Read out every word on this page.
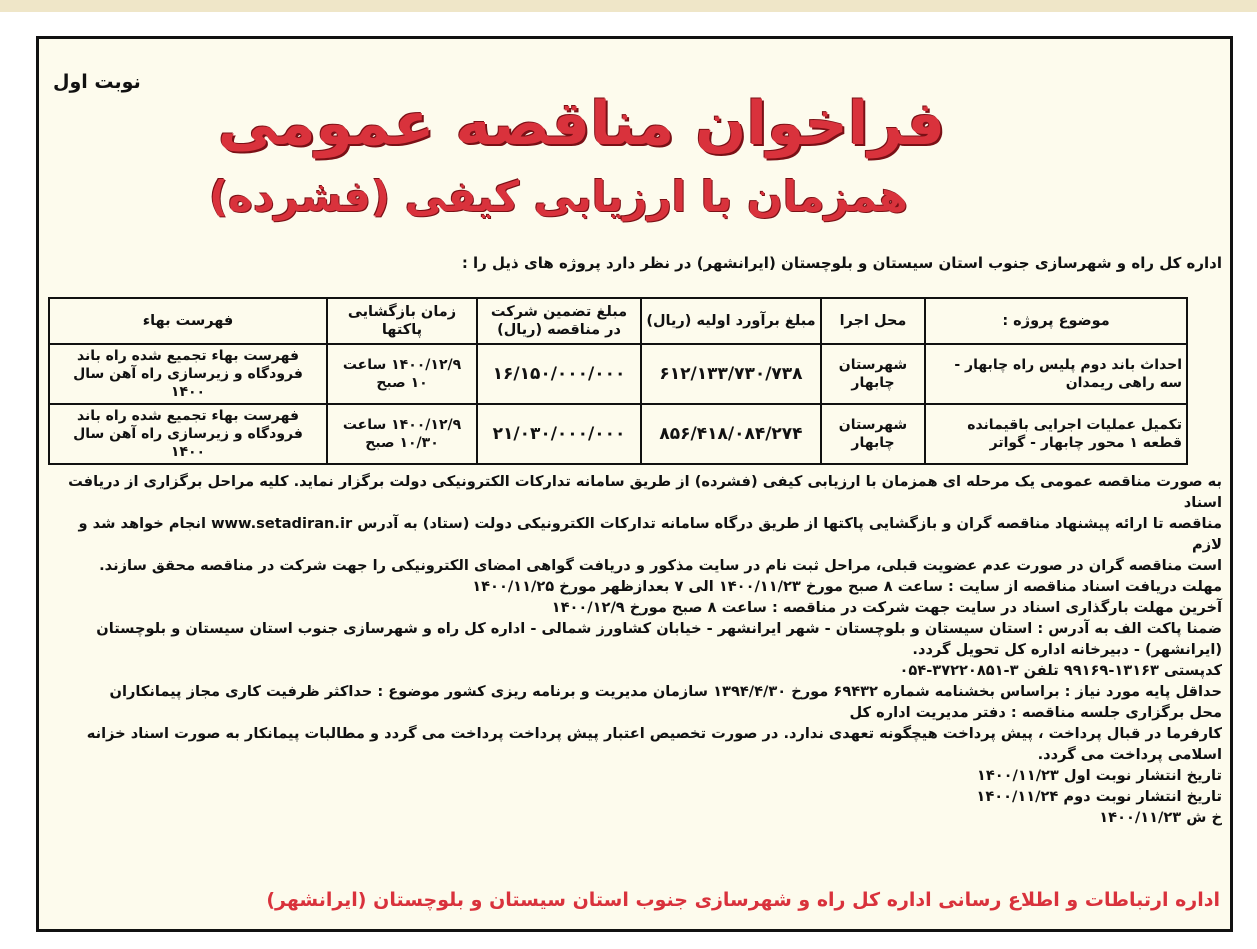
نوبت اول
فراخوان مناقصه عمومی
همزمان با ارزیابی کیفی (فشرده)
اداره کل راه و شهرسازی جنوب استان سیستان و بلوچستان (ایرانشهر) در نظر دارد پروژه های ذیل را :
موضوع پروژه :	محل اجرا	مبلغ برآورد اولیه (ریال)	مبلغ تضمین شرکت در مناقصه (ریال)	زمان بازگشایی پاکتها	فهرست بهاء
احداث باند دوم پلیس راه چابهار - سه راهی ریمدان	شهرستان چابهار	۶۱۲/۱۳۳/۷۳۰/۷۳۸	۱۶/۱۵۰/۰۰۰/۰۰۰	۱۴۰۰/۱۲/۹ ساعت ۱۰ صبح	فهرست بهاء تجمیع شده راه باند فرودگاه و زیرسازی راه آهن سال ۱۴۰۰
تکمیل عملیات اجرایی باقیمانده قطعه ۱ محور چابهار - گواتر	شهرستان چابهار	۸۵۶/۴۱۸/۰۸۴/۲۷۴	۲۱/۰۳۰/۰۰۰/۰۰۰	۱۴۰۰/۱۲/۹ ساعت ۱۰/۳۰ صبح	فهرست بهاء تجمیع شده راه باند فرودگاه و زیرسازی راه آهن سال ۱۴۰۰
به صورت مناقصه عمومی یک مرحله ای همزمان با ارزیابی کیفی (فشرده) از طریق سامانه تدارکات الکترونیکی دولت برگزار نماید. کلیه مراحل برگزاری از دریافت اسناد
مناقصه تا ارائه پیشنهاد مناقصه گران و بازگشایی پاکتها از طریق درگاه سامانه تدارکات الکترونیکی دولت (ستاد) به آدرس www.setadiran.ir انجام خواهد شد و لازم
است مناقصه گران در صورت عدم عضویت قبلی، مراحل ثبت نام در سایت مذکور و دریافت گواهی امضای الکترونیکی را جهت شرکت در مناقصه محقق سازند.
مهلت دریافت اسناد مناقصه از سایت : ساعت ۸ صبح مورخ ۱۴۰۰/۱۱/۲۳ الی ۷ بعدازظهر مورخ ۱۴۰۰/۱۱/۲۵
آخرین مهلت بارگذاری اسناد در سایت جهت شرکت در مناقصه : ساعت ۸ صبح مورخ ۱۴۰۰/۱۲/۹
ضمنا پاکت الف به آدرس : استان سیستان و بلوچستان - شهر ایرانشهر - خیابان کشاورز شمالی - اداره کل راه و شهرسازی جنوب استان سیستان و بلوچستان
(ایرانشهر) - دبیرخانه اداره کل تحویل گردد.
کدپستی ۱۳۱۶۳-۹۹۱۶۹ تلفن ۳-۳۷۲۲۰۸۵۱-۰۵۴
حداقل پایه مورد نیاز : براساس بخشنامه شماره ۶۹۴۳۲ مورخ ۱۳۹۴/۴/۳۰ سازمان مدیریت و برنامه ریزی کشور موضوع : حداکثر ظرفیت کاری مجاز پیمانکاران
محل برگزاری جلسه مناقصه : دفتر مدیریت اداره کل
کارفرما در قبال پرداخت ، پیش پرداخت هیچگونه تعهدی ندارد. در صورت تخصیص اعتبار پیش پرداخت پرداخت می گردد و مطالبات پیمانکار به صورت اسناد خزانه
اسلامی پرداخت می گردد.
تاریخ انتشار نوبت اول ۱۴۰۰/۱۱/۲۳
تاریخ انتشار نوبت دوم ۱۴۰۰/۱۱/۲۴
خ ش ۱۴۰۰/۱۱/۲۳
اداره ارتباطات و اطلاع رسانی اداره کل راه و شهرسازی جنوب استان سیستان و بلوچستان (ایرانشهر)
